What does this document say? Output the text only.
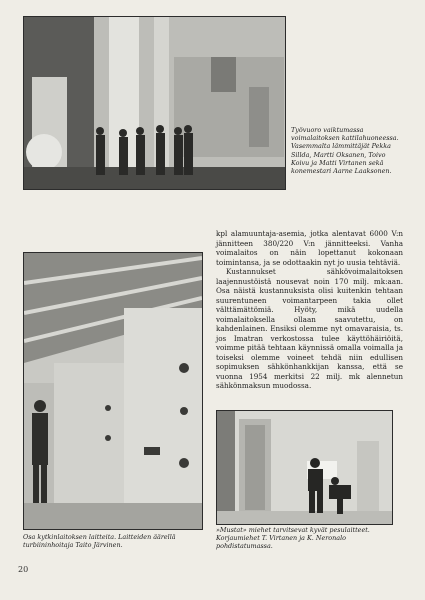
Työvuoro vaiktumassa voimalaitoksen kattilahuoneessa. Vasemmalta lämmittäjät Pekka Sillda, Martti Oksanen, Toivo Koivu ja Matti Virtanen sekä konemestari Aarne Laaksonen.
kpl alamuuntaja-asemia, jotka alentavat 6000 V:n jännitteen 380/220 V:n jännitteeksi. Vanha voimalaitos on näin lopettanut kokonaan toimintansa, ja se odottaakin nyt jo uusia tehtäviä.
Kustannukset sähkövoimalaitoksen laajennustöistä nousevat noin 170 milj. mk:aan. Osa näistä kustannuksista olisi kuitenkin tehtaan suurentuneen voimantarpeen takia ollet välttämättömiä. Hyöty, mikä uudella voimalaitoksella ollaan saavutettu, on kahdenlainen. Ensiksi olemme nyt omavaraisia, ts. jos Imatran verkostossa tulee käyttöhäiriöitä, voimme pitää tehtaan käynnissä omalla voimalla ja toiseksi olemme voineet tehdä niin edullisen sopimuksen sähkönhankkijan kanssa, että se vuonna 1954 merkitsi 22 milj. mk alennetun sähkönmaksun muodossa.
Osa kytkinlaitoksen laitteita. Laitteiden äärellä turbiininhoitaja Taito Järvinen.
»Mustat» miehet tarvitsevat kyvät pesulaitteet. Korjaumiehet T. Virtanen ja K. Neronalo pohdistatumassa.
20
